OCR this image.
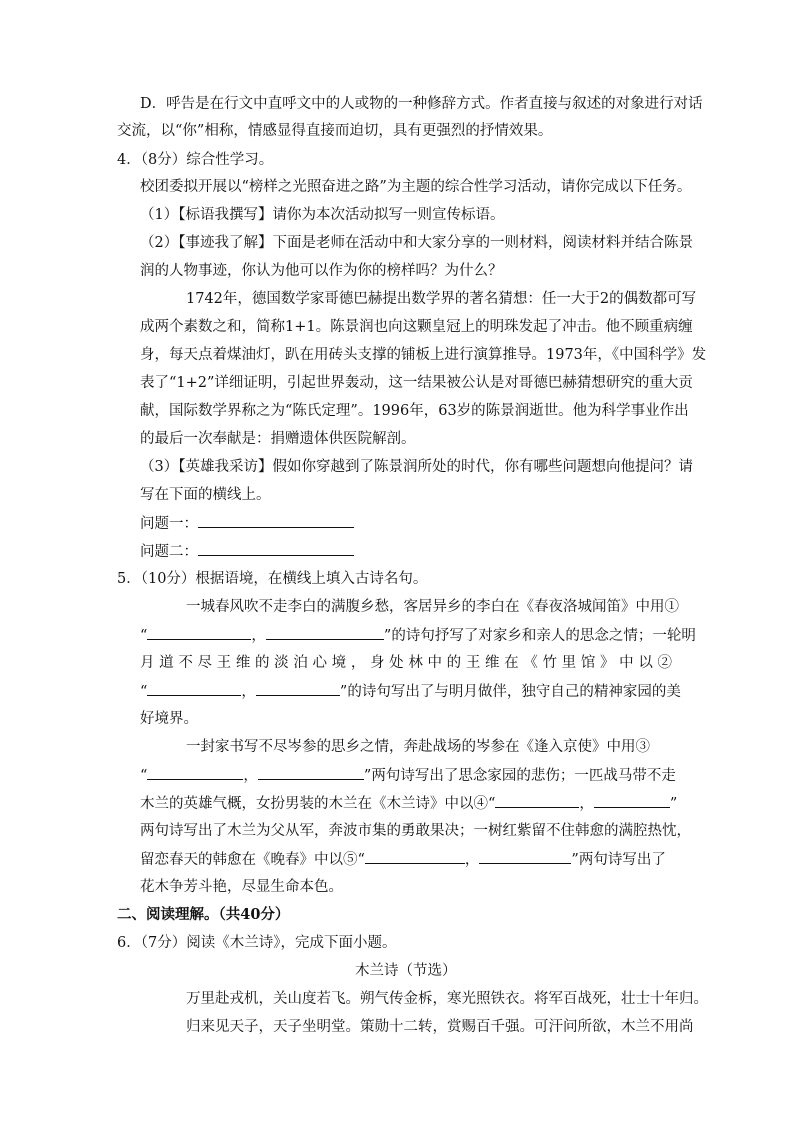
D．呼告是在行文中直呼文中的人或物的一种修辞方式。作者直接与叙述的对象进行对话
交流，以“你”相称，情感显得直接而迫切，具有更强烈的抒情效果。
4．（8分）综合性学习。
校团委拟开展以“榜样之光照奋进之路”为主题的综合性学习活动，请你完成以下任务。
（1）【标语我撰写】请你为本次活动拟写一则宣传标语。
（2）【事迹我了解】下面是老师在活动中和大家分享的一则材料，阅读材料并结合陈景
润的人物事迹，你认为他可以作为你的榜样吗？为什么？
1742年，德国数学家哥德巴赫提出数学界的著名猜想：任一大于2的偶数都可写
成两个素数之和，简称1+1。陈景润也向这颗皇冠上的明珠发起了冲击。他不顾重病缠
身，每天点着煤油灯，趴在用砖头支撑的铺板上进行演算推导。1973年，《中国科学》发
表了“1+2”详细证明，引起世界轰动，这一结果被公认是对哥德巴赫猜想研究的重大贡
献，国际数学界称之为“陈氏定理”。1996年，63岁的陈景润逝世。他为科学事业作出
的最后一次奉献是：捐赠遗体供医院解剖。
（3）【英雄我采访】假如你穿越到了陈景润所处的时代，你有哪些问题想向他提问？请
写在下面的横线上。
问题一：
问题二：
5．（10分）根据语境，在横线上填入古诗名句。
一城春风吹不走李白的满腹乡愁，客居异乡的李白在《春夜洛城闻笛》中用①
“	，	”的诗句抒写了对家乡和亲人的思念之情；一轮明
月道不尽王维的淡泊心境，身处林中的王维在《竹里馆》中以②
“	，	”的诗句写出了与明月做伴，独守自己的精神家园的美
好境界。
一封家书写不尽岑参的思乡之情，奔赴战场的岑参在《逢入京使》中用③
“	，	”两句诗写出了思念家园的悲伤；一匹战马带不走
木兰的英雄气概，女扮男装的木兰在《木兰诗》中以④“	，	”
两句诗写出了木兰为父从军，奔波市集的勇敢果决；一树红紫留不住韩愈的满腔热忱，
留恋春天的韩愈在《晚春》中以⑤“	，	”两句诗写出了
花木争芳斗艳，尽显生命本色。
二、阅读理解。（共40分）
6．（7分）阅读《木兰诗》，完成下面小题。
木兰诗（节选）
万里赴戎机，关山度若飞。朔气传金柝，寒光照铁衣。将军百战死，壮士十年归。
归来见天子，天子坐明堂。策勋十二转，赏赐百千强。可汗问所欲，木兰不用尚
